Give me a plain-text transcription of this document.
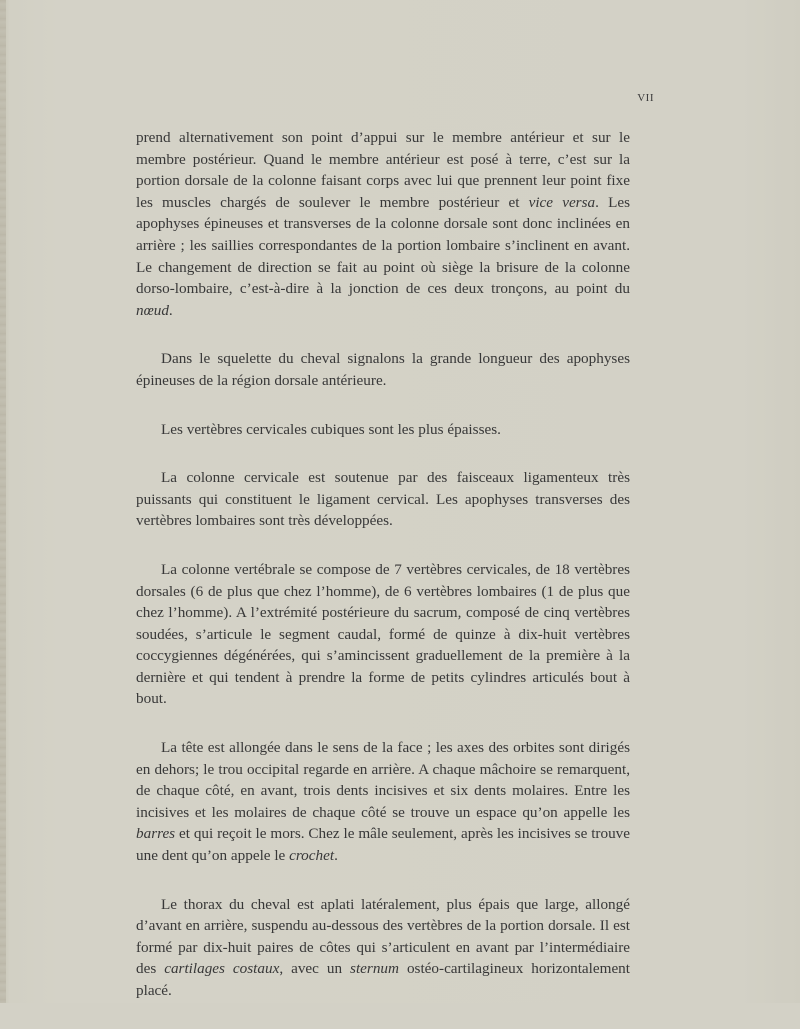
VII

prend alternativement son point d’appui sur le membre antérieur et sur le membre postérieur. Quand le membre antérieur est posé à terre, c’est sur la portion dorsale de la colonne faisant corps avec lui que prennent leur point fixe les muscles chargés de soulever le membre postérieur et vice versa. Les apophyses épineuses et transverses de la colonne dorsale sont donc inclinées en arrière ; les saillies correspondantes de la portion lombaire s’inclinent en avant. Le changement de direction se fait au point où siège la brisure de la colonne dorso-lombaire, c’est-à-dire à la jonction de ces deux tronçons, au point du nœud.

Dans le squelette du cheval signalons la grande longueur des apophyses épineuses de la région dorsale antérieure.

Les vertèbres cervicales cubiques sont les plus épaisses.

La colonne cervicale est soutenue par des faisceaux ligamenteux très puissants qui constituent le ligament cervical. Les apophyses transverses des vertèbres lombaires sont très développées.

La colonne vertébrale se compose de 7 vertèbres cervicales, de 18 vertèbres dorsales (6 de plus que chez l’homme), de 6 vertèbres lombaires (1 de plus que chez l’homme). A l’extrémité postérieure du sacrum, composé de cinq vertèbres soudées, s’articule le segment caudal, formé de quinze à dix-huit vertèbres coccygiennes dégénérées, qui s’amincissent graduellement de la première à la dernière et qui tendent à prendre la forme de petits cylindres articulés bout à bout.

La tête est allongée dans le sens de la face ; les axes des orbites sont dirigés en dehors; le trou occipital regarde en arrière. A chaque mâchoire se remarquent, de chaque côté, en avant, trois dents incisives et six dents molaires. Entre les incisives et les molaires de chaque côté se trouve un espace qu’on appelle les barres et qui reçoit le mors. Chez le mâle seulement, après les incisives se trouve une dent qu’on appele le crochet.

Le thorax du cheval est aplati latéralement, plus épais que large, allongé d’avant en arrière, suspendu au-dessous des vertèbres de la portion dorsale. Il est formé par dix-huit paires de côtes qui s’articulent en avant par l’intermédiaire des cartilages costaux, avec un sternum ostéo-cartilagineux horizontalement placé.
